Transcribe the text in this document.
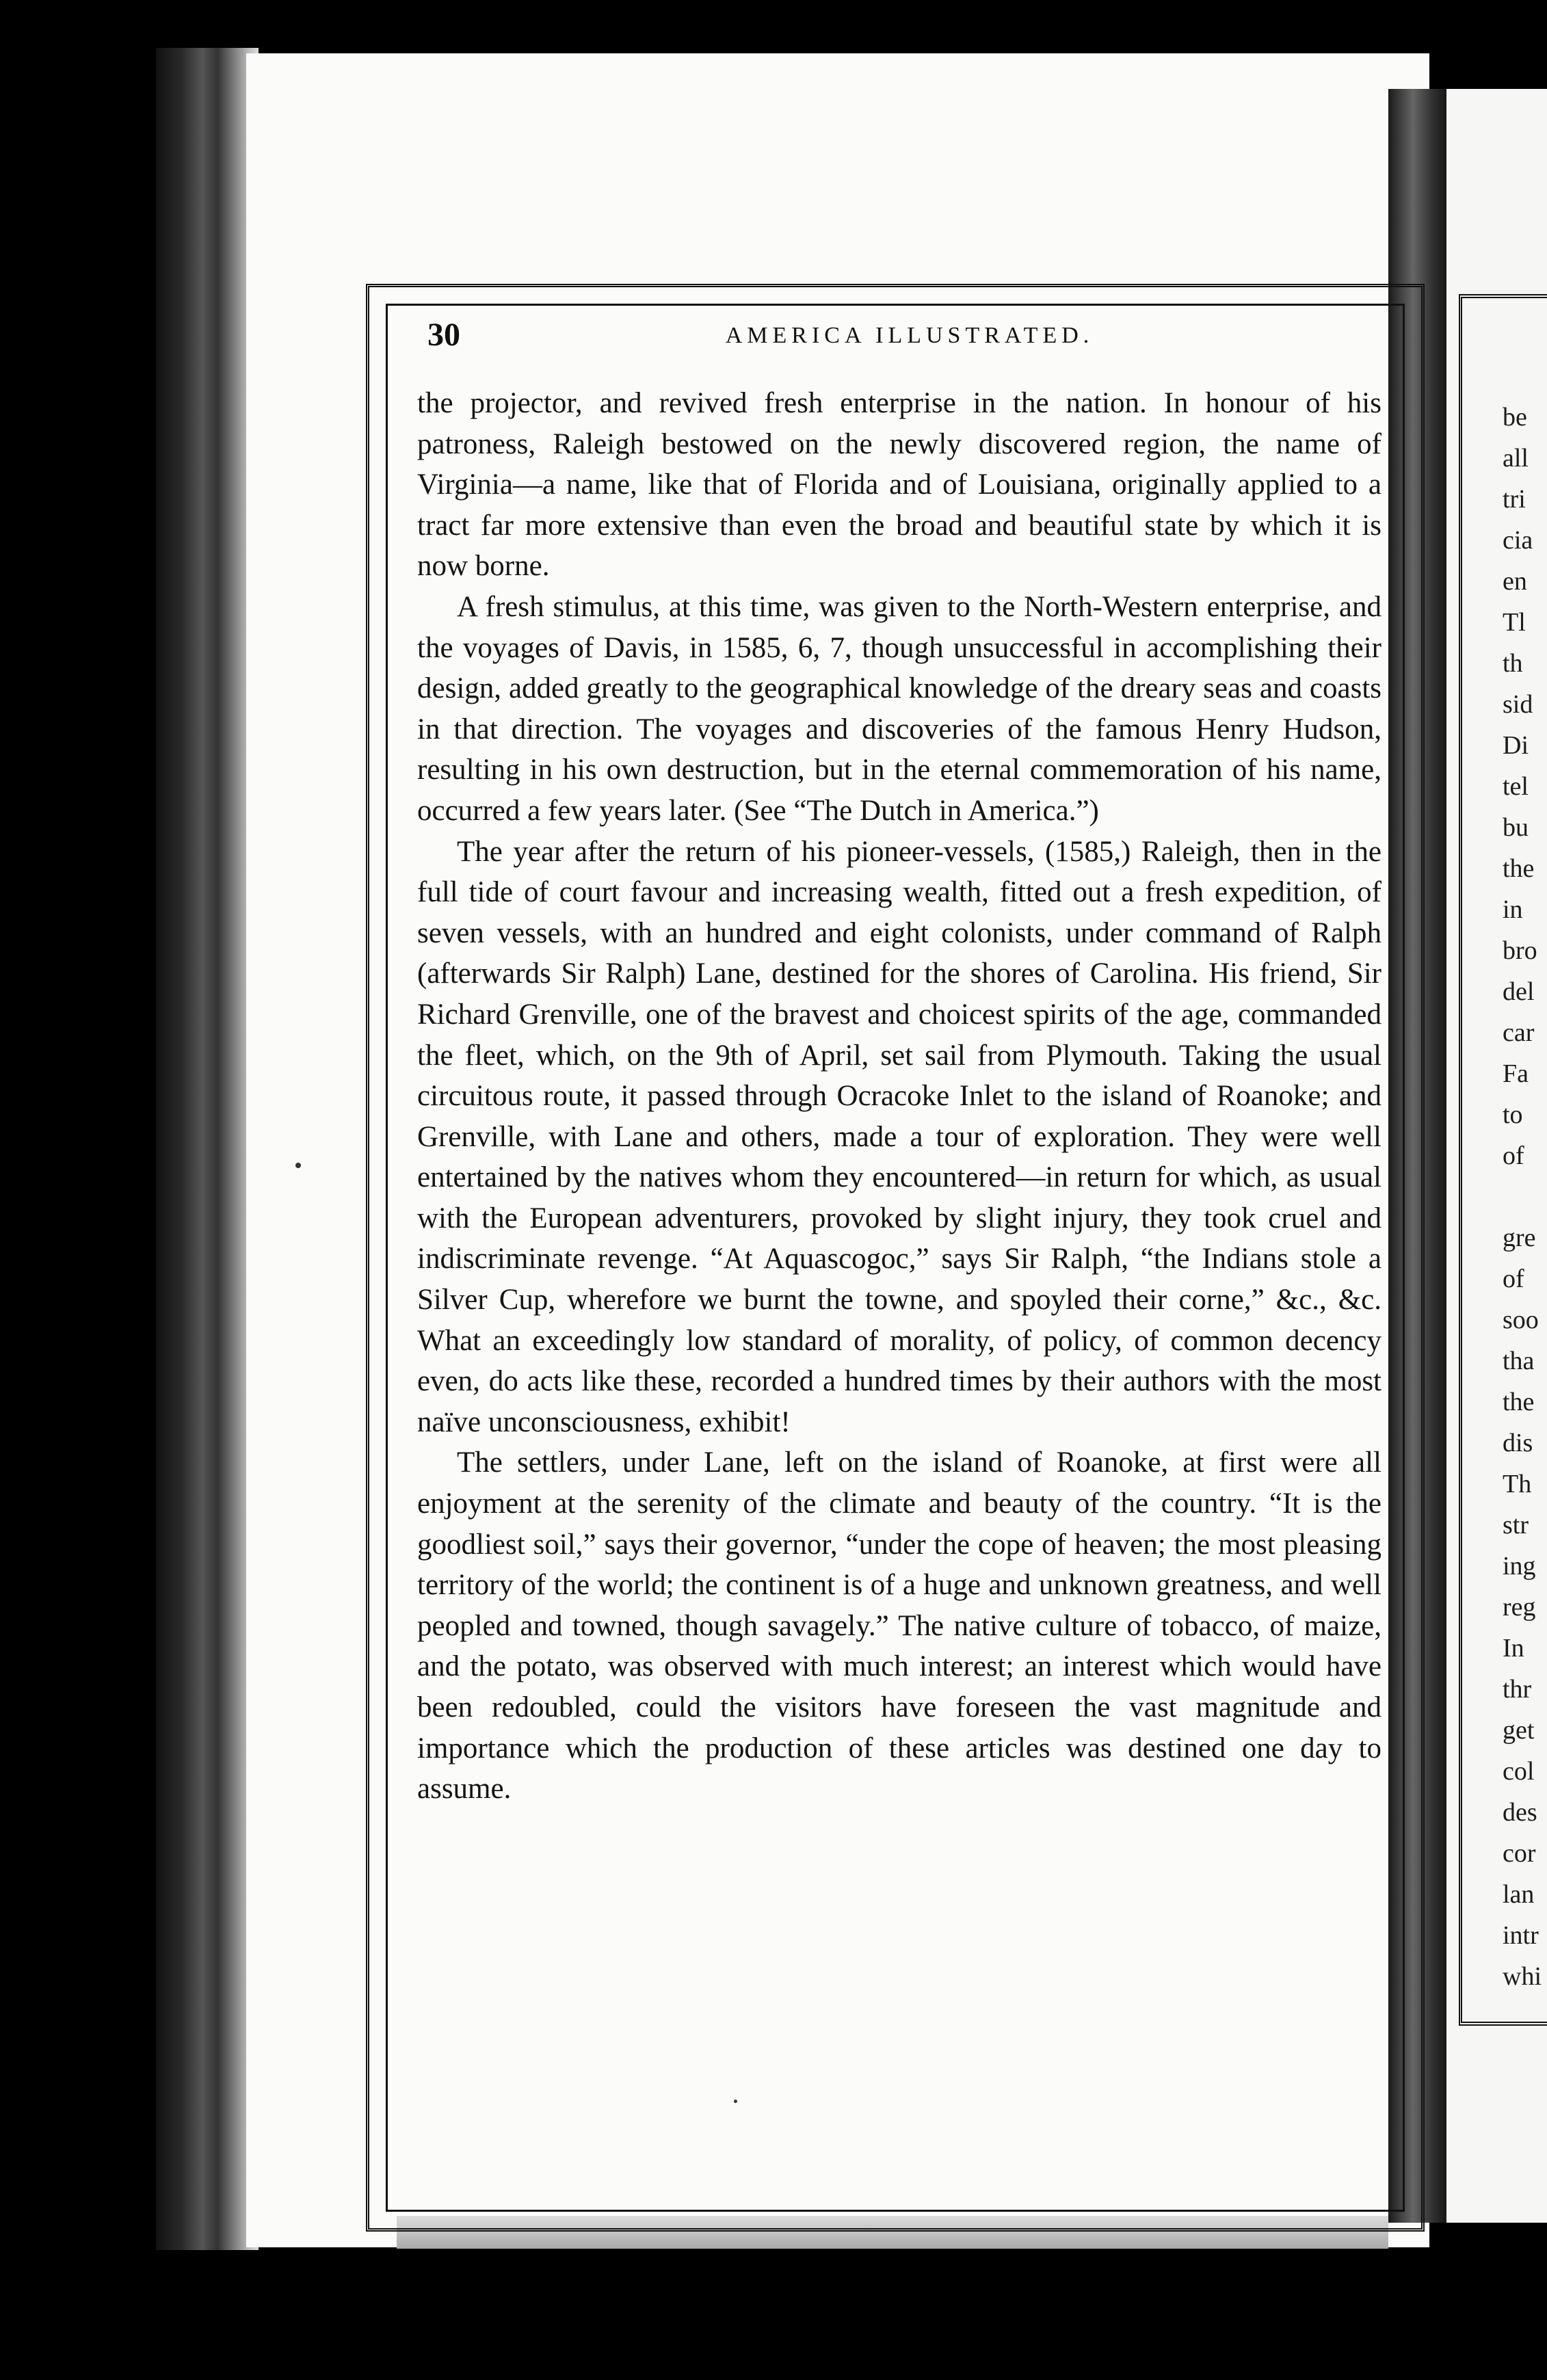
be
all
tri
cia
en
Tl
th
sid
Di
tel
bu
the
in
bro
del
car
Fa
to
of
gre
of
soo
tha
the
dis
Th
str
ing
reg
In
thr
get
col
des
cor
lan
intr
whi
30	AMERICA ILLUSTRATED.

the projector, and revived fresh enterprise in the nation. In honour of his patroness, Raleigh bestowed on the newly discovered region, the name of Virginia—a name, like that of Florida and of Louisiana, originally applied to a tract far more extensive than even the broad and beautiful state by which it is now borne.

A fresh stimulus, at this time, was given to the North-Western enterprise, and the voyages of Davis, in 1585, 6, 7, though unsuccessful in accomplishing their design, added greatly to the geographical knowledge of the dreary seas and coasts in that direction. The voyages and discoveries of the famous Henry Hudson, resulting in his own destruction, but in the eternal commemoration of his name, occurred a few years later. (See “The Dutch in America.”)

The year after the return of his pioneer-vessels, (1585,) Raleigh, then in the full tide of court favour and increasing wealth, fitted out a fresh expedition, of seven vessels, with an hundred and eight colonists, under command of Ralph (afterwards Sir Ralph) Lane, destined for the shores of Carolina. His friend, Sir Richard Grenville, one of the bravest and choicest spirits of the age, commanded the fleet, which, on the 9th of April, set sail from Plymouth. Taking the usual circuitous route, it passed through Ocracoke Inlet to the island of Roanoke; and Grenville, with Lane and others, made a tour of exploration. They were well entertained by the natives whom they encountered—in return for which, as usual with the European adventurers, provoked by slight injury, they took cruel and indiscriminate revenge. “At Aquascogoc,” says Sir Ralph, “the Indians stole a Silver Cup, wherefore we burnt the towne, and spoyled their corne,” &c., &c. What an exceedingly low standard of morality, of policy, of common decency even, do acts like these, recorded a hundred times by their authors with the most naïve unconsciousness, exhibit!

The settlers, under Lane, left on the island of Roanoke, at first were all enjoyment at the serenity of the climate and beauty of the country. “It is the goodliest soil,” says their governor, “under the cope of heaven; the most pleasing territory of the world; the continent is of a huge and unknown greatness, and well peopled and towned, though savagely.” The native culture of tobacco, of maize, and the potato, was observed with much interest; an interest which would have been redoubled, could the visitors have foreseen the vast magnitude and importance which the production of these articles was destined one day to assume.
